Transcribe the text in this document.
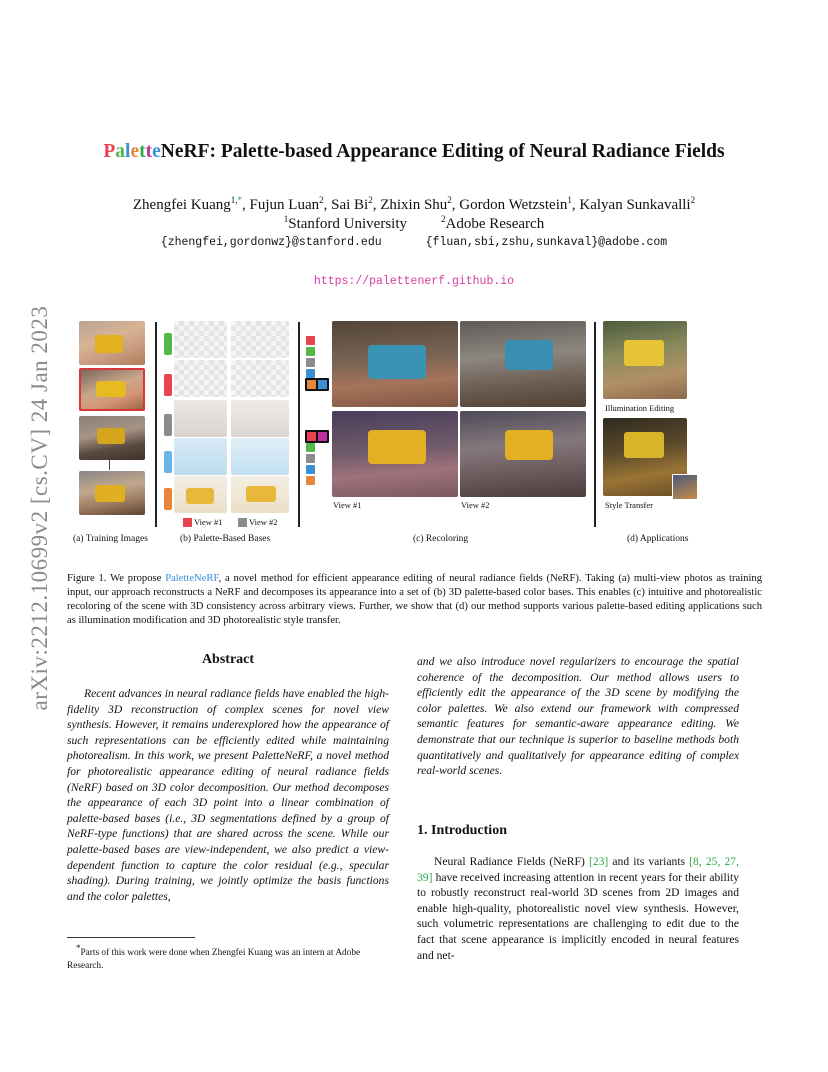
arXiv:2212.10699v2 [cs.CV] 24 Jan 2023
PaletteNeRF: Palette-based Appearance Editing of Neural Radiance Fields
Zhengfei Kuang$^{1,*}$, Fujun Luan$^2$, Sai Bi$^2$, Zhixin Shu$^2$, Gordon Wetzstein$^1$, Kalyan Sunkavalli$^2$
$^1$Stanford University	$^2$Adobe Research
{zhengfei,gordonwz}@stanford.edu	{fluan,sbi,zshu,sunkaval}@adobe.com
https://palettenerf.github.io
View #1	View #2
View #1	View #2
Illumination Editing
Style Transfer
(a) Training Images	(b) Palette-Based Bases	(c) Recoloring	(d) Applications
Figure 1. We propose PaletteNeRF, a novel method for efficient appearance editing of neural radiance fields (NeRF). Taking (a) multi-view photos as training input, our approach reconstructs a NeRF and decomposes its appearance into a set of (b) 3D palette-based color bases. This enables (c) intuitive and photorealistic recoloring of the scene with 3D consistency across arbitrary views. Further, we show that (d) our method supports various palette-based editing applications such as illumination modification and 3D photorealistic style transfer.
Abstract
Recent advances in neural radiance fields have enabled the high-fidelity 3D reconstruction of complex scenes for novel view synthesis. However, it remains underexplored how the appearance of such representations can be efficiently edited while maintaining photorealism. In this work, we present PaletteNeRF, a novel method for photorealistic appearance editing of neural radiance fields (NeRF) based on 3D color decomposition. Our method decomposes the appearance of each 3D point into a linear combination of palette-based bases (i.e., 3D segmentations defined by a group of NeRF-type functions) that are shared across the scene. While our palette-based bases are view-independent, we also predict a view-dependent function to capture the color residual (e.g., specular shading). During training, we jointly optimize the basis functions and the color palettes,
and we also introduce novel regularizers to encourage the spatial coherence of the decomposition. Our method allows users to efficiently edit the appearance of the 3D scene by modifying the color palettes. We also extend our framework with compressed semantic features for semantic-aware appearance editing. We demonstrate that our technique is superior to baseline methods both quantitatively and qualitatively for appearance editing of complex real-world scenes.
*Parts of this work were done when Zhengfei Kuang was an intern at Adobe Research.
1. Introduction
Neural Radiance Fields (NeRF) [23] and its variants [8, 25, 27, 39] have received increasing attention in recent years for their ability to robustly reconstruct real-world 3D scenes from 2D images and enable high-quality, photorealistic novel view synthesis. However, such volumetric representations are challenging to edit due to the fact that scene appearance is implicitly encoded in neural features and net-
